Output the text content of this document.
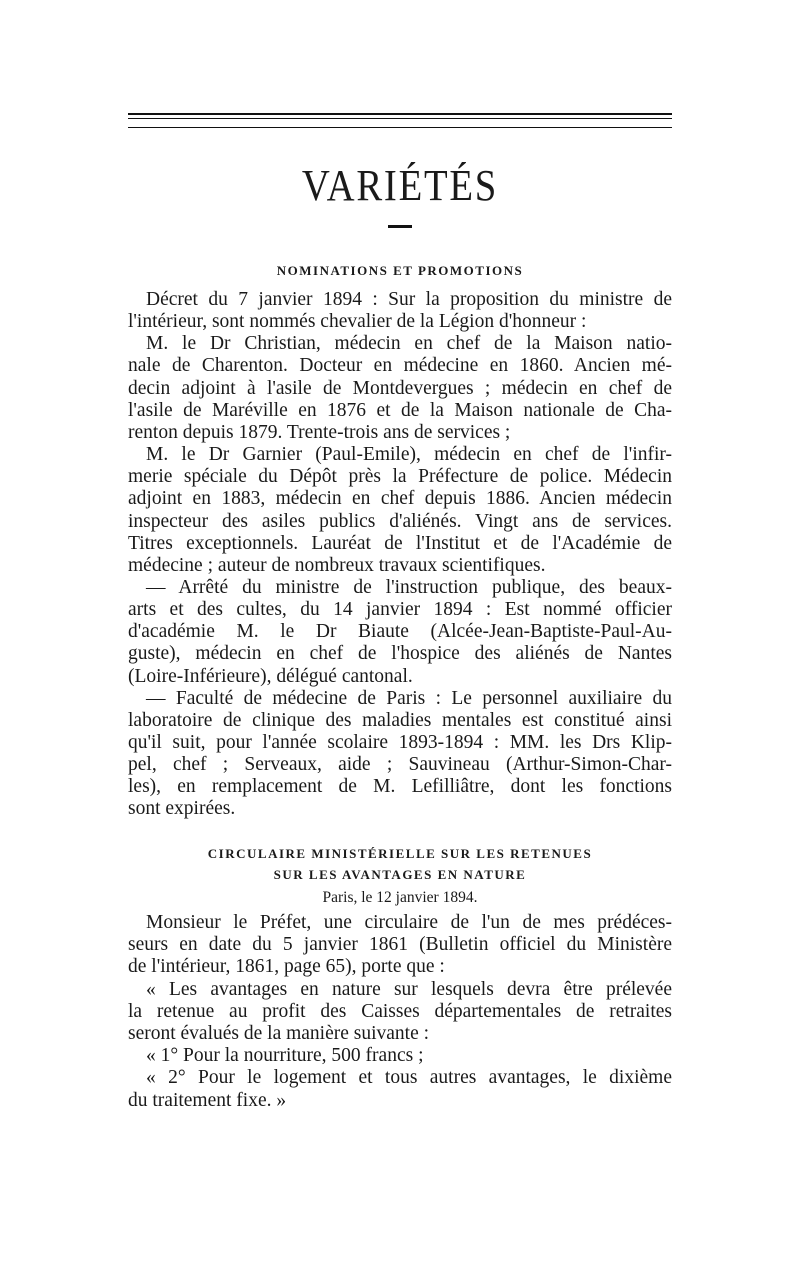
VARIÉTÉS
NOMINATIONS ET PROMOTIONS
Décret du 7 janvier 1894 : Sur la proposition du ministre de
l'intérieur, sont nommés chevalier de la Légion d'honneur :
M. le Dr Christian, médecin en chef de la Maison natio-
nale de Charenton. Docteur en médecine en 1860. Ancien mé-
decin adjoint à l'asile de Montdevergues ; médecin en chef de
l'asile de Maréville en 1876 et de la Maison nationale de Cha-
renton depuis 1879. Trente-trois ans de services ;
M. le Dr Garnier (Paul-Emile), médecin en chef de l'infir-
merie spéciale du Dépôt près la Préfecture de police. Médecin
adjoint en 1883, médecin en chef depuis 1886. Ancien médecin
inspecteur des asiles publics d'aliénés. Vingt ans de services.
Titres exceptionnels. Lauréat de l'Institut et de l'Académie de
médecine ; auteur de nombreux travaux scientifiques.
— Arrêté du ministre de l'instruction publique, des beaux-
arts et des cultes, du 14 janvier 1894 : Est nommé officier
d'académie M. le Dr Biaute (Alcée-Jean-Baptiste-Paul-Au-
guste), médecin en chef de l'hospice des aliénés de Nantes
(Loire-Inférieure), délégué cantonal.
— Faculté de médecine de Paris : Le personnel auxiliaire du
laboratoire de clinique des maladies mentales est constitué ainsi
qu'il suit, pour l'année scolaire 1893-1894 : MM. les Drs Klip-
pel, chef ; Serveaux, aide ; Sauvineau (Arthur-Simon-Char-
les), en remplacement de M. Lefilliâtre, dont les fonctions
sont expirées.
CIRCULAIRE MINISTÉRIELLE SUR LES RETENUES
SUR LES AVANTAGES EN NATURE
Paris, le 12 janvier 1894.
Monsieur le Préfet, une circulaire de l'un de mes prédéces-
seurs en date du 5 janvier 1861 (Bulletin officiel du Ministère
de l'intérieur, 1861, page 65), porte que :
« Les avantages en nature sur lesquels devra être prélevée
la retenue au profit des Caisses départementales de retraites
seront évalués de la manière suivante :
« 1° Pour la nourriture, 500 francs ;
« 2° Pour le logement et tous autres avantages, le dixième
du traitement fixe. »
